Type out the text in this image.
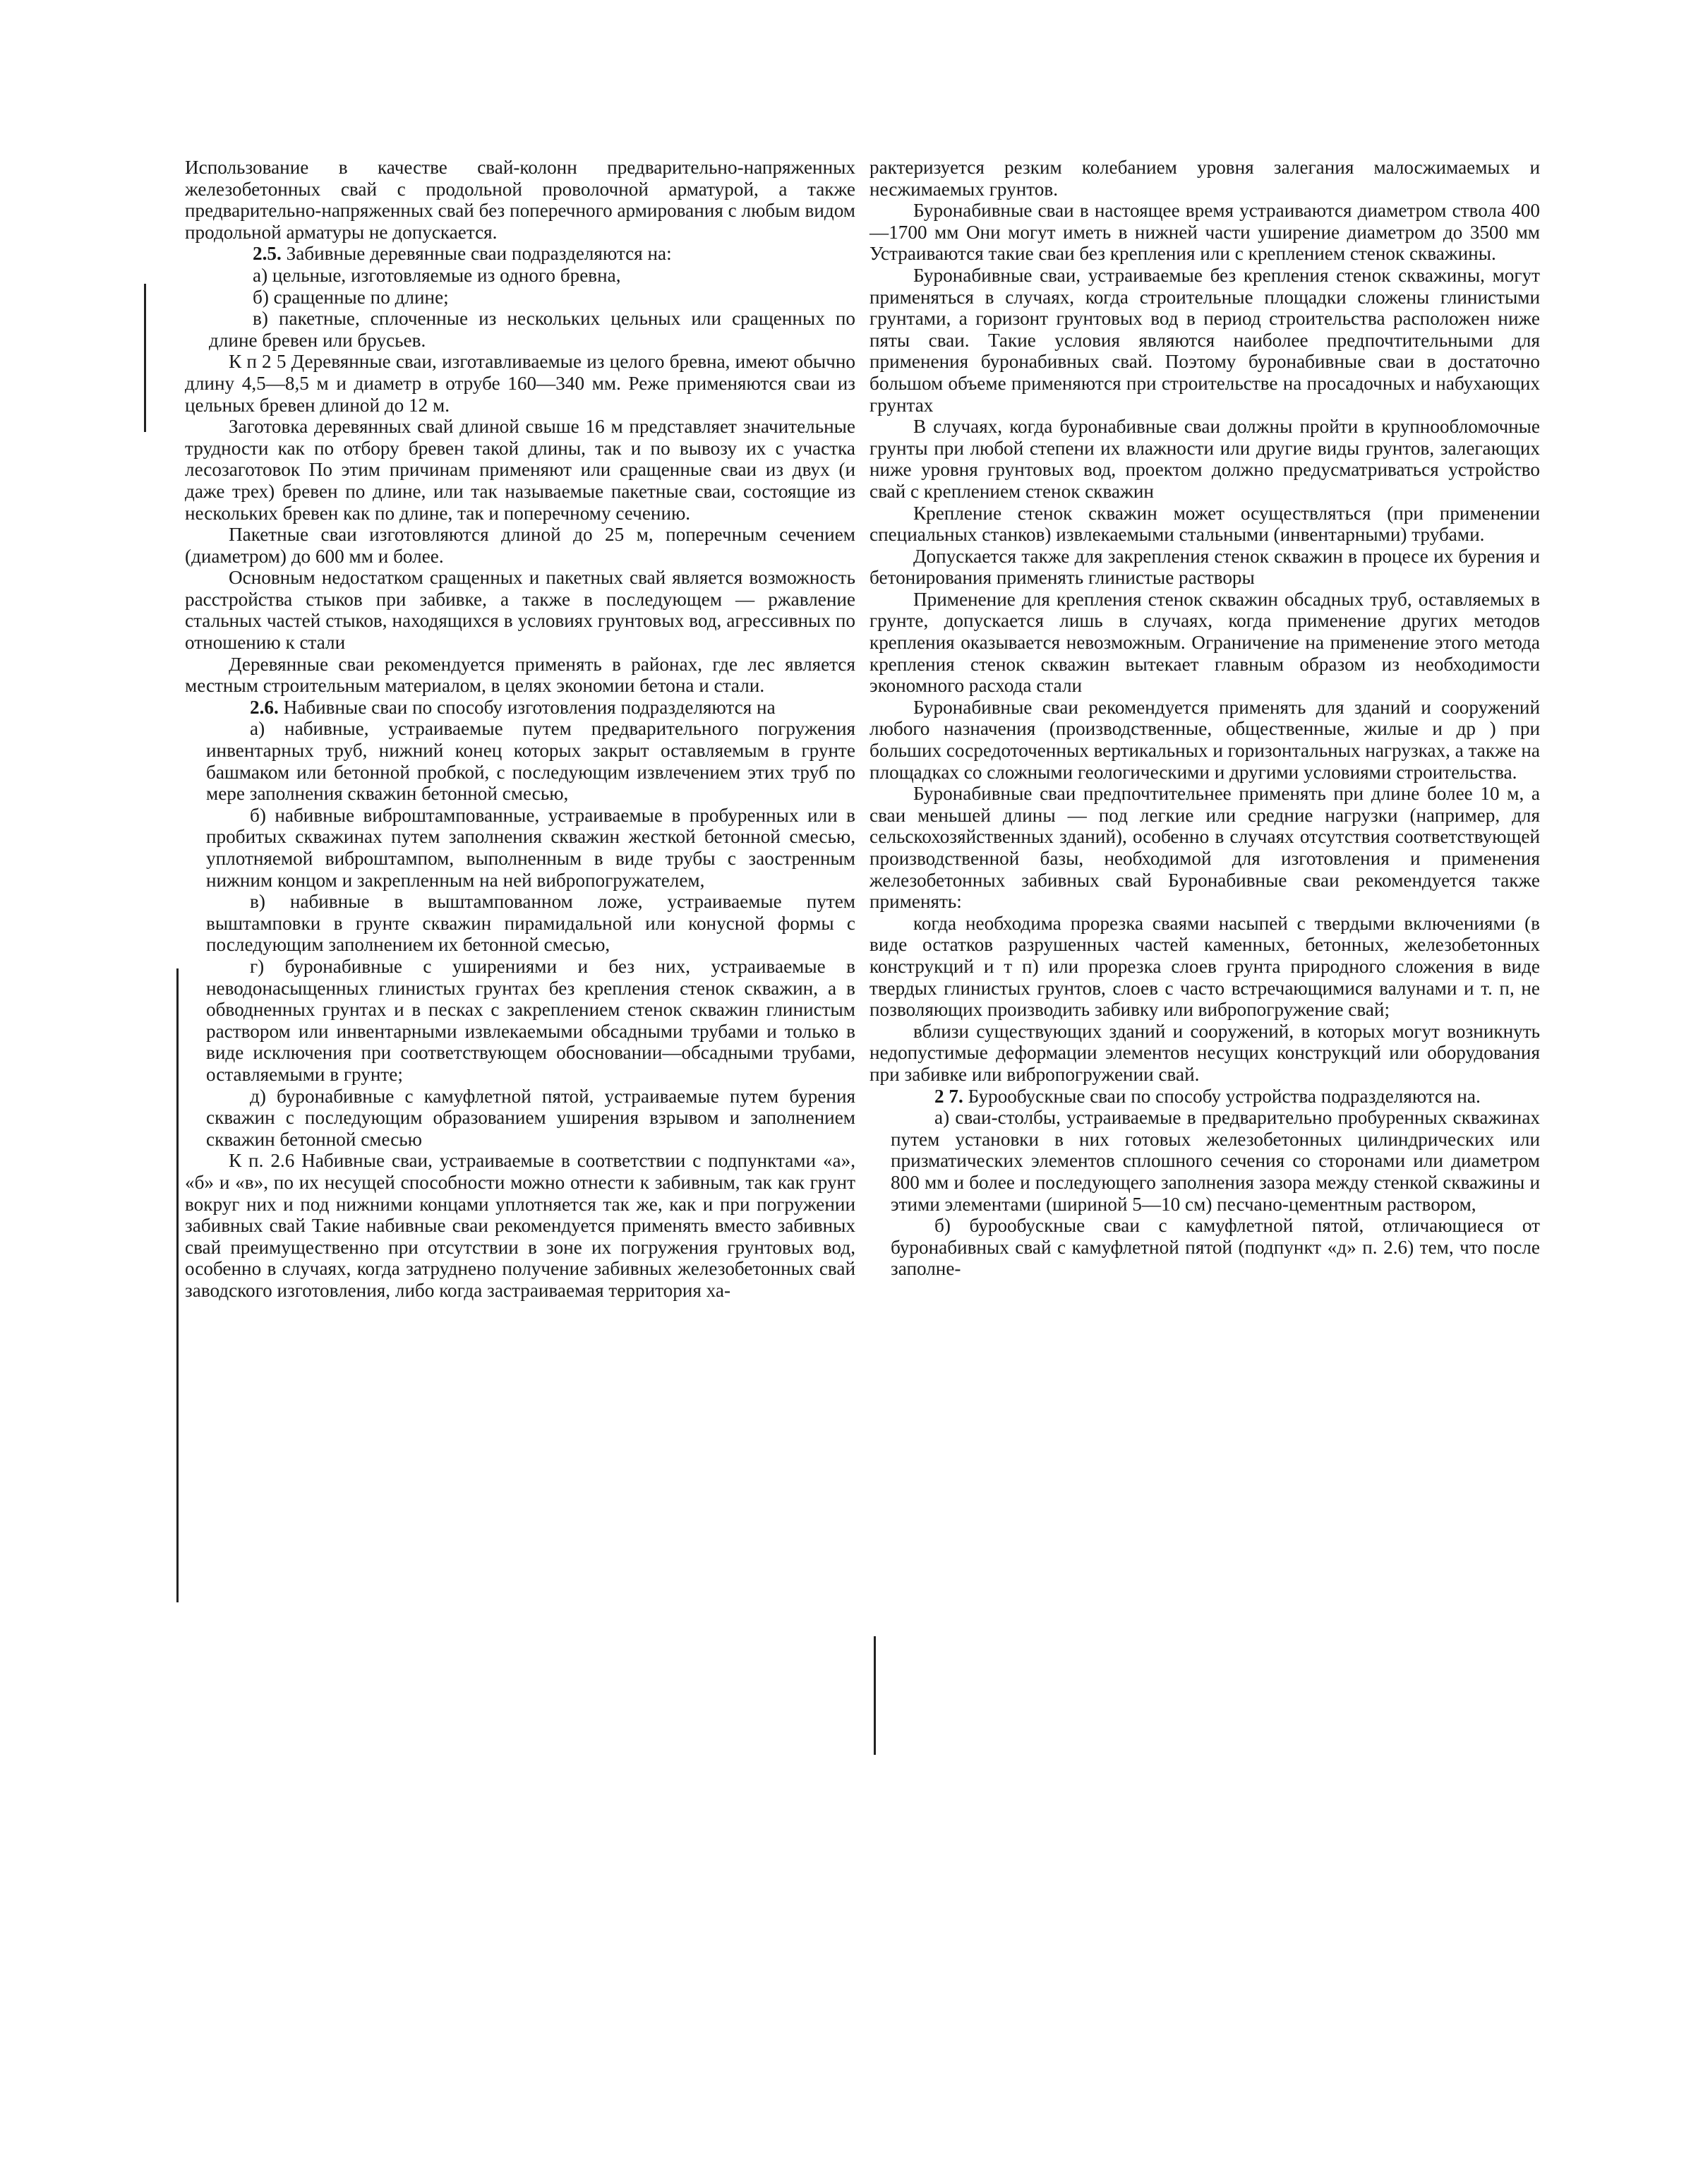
Использование в качестве свай-колонн предварительно-напряженных железобетонных свай с продольной проволочной арматурой, а также предварительно-напряженных свай без поперечного армирования с любым видом продольной арматуры не допускается.

2.5. Забивные деревянные сваи подразделяются на:

а) цельные, изготовляемые из одного бревна,

б) сращенные по длине;

в) пакетные, сплоченные из нескольких цельных или сращенных по длине бревен или брусьев.

К п 2 5 Деревянные сваи, изготавливаемые из целого бревна, имеют обычно длину 4,5—8,5 м и диаметр в отрубе 160—340 мм. Реже применяются сваи из цельных бревен длиной до 12 м.

Заготовка деревянных свай длиной свыше 16 м представляет значительные трудности как по отбору бревен такой длины, так и по вывозу их с участка лесозаготовок По этим причинам применяют или сращенные сваи из двух (и даже трех) бревен по длине, или так называемые пакетные сваи, состоящие из нескольких бревен как по длине, так и поперечному сечению.

Пакетные сваи изготовляются длиной до 25 м, поперечным сечением (диаметром) до 600 мм и более.

Основным недостатком сращенных и пакетных свай является возможность расстройства стыков при забивке, а также в последующем — ржавление стальных частей стыков, находящихся в условиях грунтовых вод, агрессивных по отношению к стали

Деревянные сваи рекомендуется применять в районах, где лес является местным строительным материалом, в целях экономии бетона и стали.

2.6. Набивные сваи по способу изготовления подразделяются на

а) набивные, устраиваемые путем предварительного погружения инвентарных труб, нижний конец которых закрыт оставляемым в грунте башмаком или бетонной пробкой, с последующим извлечением этих труб по мере заполнения скважин бетонной смесью,

б) набивные виброштампованные, устраиваемые в пробуренных или в пробитых скважинах путем заполнения скважин жесткой бетонной смесью, уплотняемой виброштампом, выполненным в виде трубы с заостренным нижним концом и закрепленным на ней вибропогружателем,

в) набивные в выштампованном ложе, устраиваемые путем выштамповки в грунте скважин пирамидальной или конусной формы с последующим заполнением их бетонной смесью,

г) буронабивные с уширениями и без них, устраиваемые в неводонасыщенных глинистых грунтах без крепления стенок скважин, а в обводненных грунтах и в песках с закреплением стенок скважин глинистым раствором или инвентарными извлекаемыми обсадными трубами и только в виде исключения при соответствующем обосновании—обсадными трубами, оставляемыми в грунте;

д) буронабивные с камуфлетной пятой, устраиваемые путем бурения скважин с последующим образованием уширения взрывом и заполнением скважин бетонной смесью

К п. 2.6 Набивные сваи, устраиваемые в соответствии с подпунктами «а», «б» и «в», по их несущей способности можно отнести к забивным, так как грунт вокруг них и под нижними концами уплотняется так же, как и при погружении забивных свай Такие набивные сваи рекомендуется применять вместо забивных свай преимущественно при отсутствии в зоне их погружения грунтовых вод, особенно в случаях, когда затруднено получение забивных железобетонных свай заводского изготовления, либо когда застраиваемая территория ха-

рактеризуется резким колебанием уровня залегания малосжимаемых и несжимаемых грунтов.

Буронабивные сваи в настоящее время устраиваются диаметром ствола 400—1700 мм Они могут иметь в нижней части уширение диаметром до 3500 мм Устраиваются такие сваи без крепления или с креплением стенок скважины.

Буронабивные сваи, устраиваемые без крепления стенок скважины, могут применяться в случаях, когда строительные площадки сложены глинистыми грунтами, а горизонт грунтовых вод в период строительства расположен ниже пяты сваи. Такие условия являются наиболее предпочтительными для применения буронабивных свай. Поэтому буронабивные сваи в достаточно большом объеме применяются при строительстве на просадочных и набухающих грунтах

В случаях, когда буронабивные сваи должны пройти в крупнообломочные грунты при любой степени их влажности или другие виды грунтов, залегающих ниже уровня грунтовых вод, проектом должно предусматриваться устройство свай с креплением стенок скважин

Крепление стенок скважин может осуществляться (при применении специальных станков) извлекаемыми стальными (инвентарными) трубами.

Допускается также для закрепления стенок скважин в процесе их бурения и бетонирования применять глинистые растворы

Применение для крепления стенок скважин обсадных труб, оставляемых в грунте, допускается лишь в случаях, когда применение других методов крепления оказывается невозможным. Ограничение на применение этого метода крепления стенок скважин вытекает главным образом из необходимости экономного расхода стали

Буронабивные сваи рекомендуется применять для зданий и сооружений любого назначения (производственные, общественные, жилые и др ) при больших сосредоточенных вертикальных и горизонтальных нагрузках, а также на площадках со сложными геологическими и другими условиями строительства.

Буронабивные сваи предпочтительнее применять при длине более 10 м, а сваи меньшей длины — под легкие или средние нагрузки (например, для сельскохозяйственных зданий), особенно в случаях отсутствия соответствующей производственной базы, необходимой для изготовления и применения железобетонных забивных свай Буронабивные сваи рекомендуется также применять:

когда необходима прорезка сваями насыпей с твердыми включениями (в виде остатков разрушенных частей каменных, бетонных, железобетонных конструкций и т п) или прорезка слоев грунта природного сложения в виде твердых глинистых грунтов, слоев с часто встречающимися валунами и т. п, не позволяющих производить забивку или вибропогружение свай;

вблизи существующих зданий и сооружений, в которых могут возникнуть недопустимые деформации элементов несущих конструкций или оборудования при забивке или вибропогружении свай.

2 7. Бурообускные сваи по способу устройства подразделяются на.

а) сваи-столбы, устраиваемые в предварительно пробуренных скважинах путем установки в них готовых железобетонных цилиндрических или призматических элементов сплошного сечения со сторонами или диаметром 800 мм и более и последующего заполнения зазора между стенкой скважины и этими элементами (шириной 5—10 см) песчано-цементным раствором,

б) бурообускные сваи с камуфлетной пятой, отличающиеся от буронабивных свай с камуфлетной пятой (подпункт «д» п. 2.6) тем, что после заполне-
